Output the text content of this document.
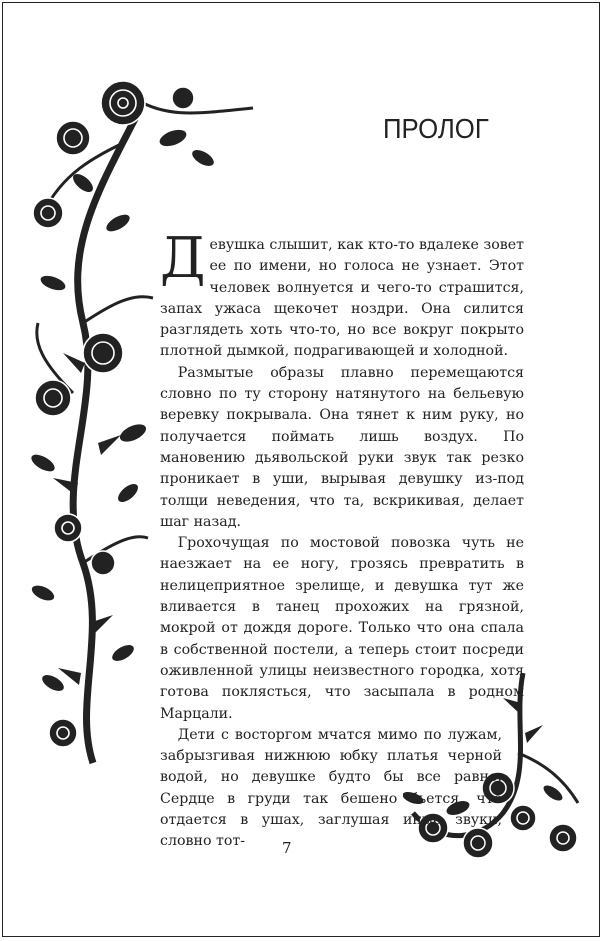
ПРОЛОГ

Девушка слышит, как кто-то вдалеке зовет ее по имени, но голоса не узнает. Этот человек волнуется и чего-то страшится, запах ужаса щекочет ноздри. Она силится разглядеть хоть что-то, но все вокруг покрыто плотной дымкой, подрагивающей и холодной.

Размытые образы плавно перемещаются словно по ту сторону натянутого на бельевую веревку покрывала. Она тянет к ним руку, но получается поймать лишь воздух. По мановению дьявольской руки звук так резко проникает в уши, вырывая девушку из-под толщи неведения, что та, вскрикивая, делает шаг назад.

Грохочущая по мостовой повозка чуть не наезжает на ее ногу, грозясь превратить в нелицеприятное зрелище, и девушка тут же вливается в танец прохожих на грязной, мокрой от дождя дороге. Только что она спала в собственной постели, а теперь стоит посреди оживленной улицы неизвестного городка, хотя готова поклясться, что засыпала в родном Марцали.

Дети с восторгом мчатся мимо по лужам, забрызгивая нижнюю юбку платья черной водой, но девушке будто бы все равно. Сердце в груди так бешено бьется, что отдается в ушах, заглушая иные звуки, словно тот-	7
